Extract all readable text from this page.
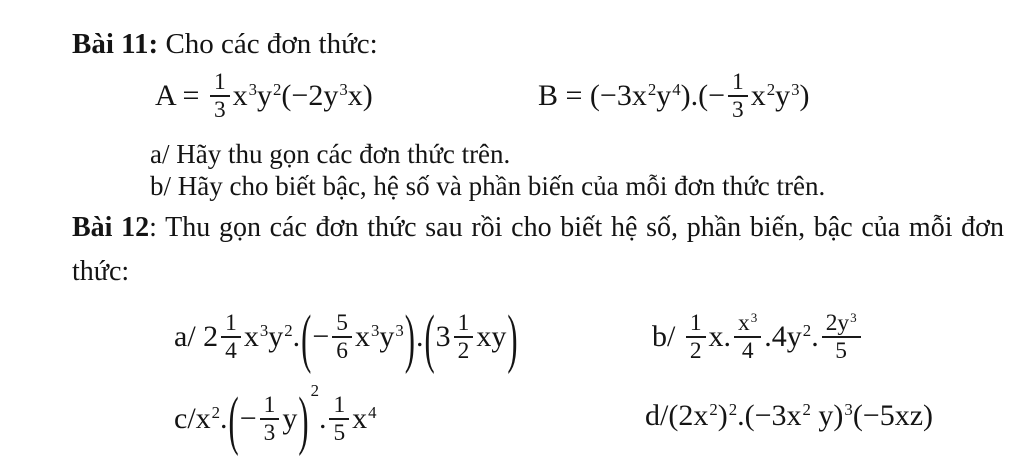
Bài 11: Cho các đơn thức:
$A = \frac{1}{3} x3y2(-2y3x)$	$B = (-3x2y4).(- \frac{1}{3} x2y3)$
a/ Hãy thu gọn các đơn thức trên.
b/ Hãy cho biết bậc, hệ số và phần biến của mỗi đơn thức trên.
Bài 12: Thu gọn các đơn thức sau rồi cho biết hệ số, phần biến, bậc của mỗi đơn
thức:
a/ $2 \frac{1}{4} x3y2.(- \frac{5}{6} x3y3).(3 \frac{1}{2} xy)$	$b/ \frac{1}{2} x$. $\frac{x3}{4} .4y2$. $\frac{2y3}{5}$
$c/x2.(- \frac{1}{3} y)$ 2. $\frac{1}{5} x4$	d/(2x2)2.(−3x2 y)3(−5xz)
